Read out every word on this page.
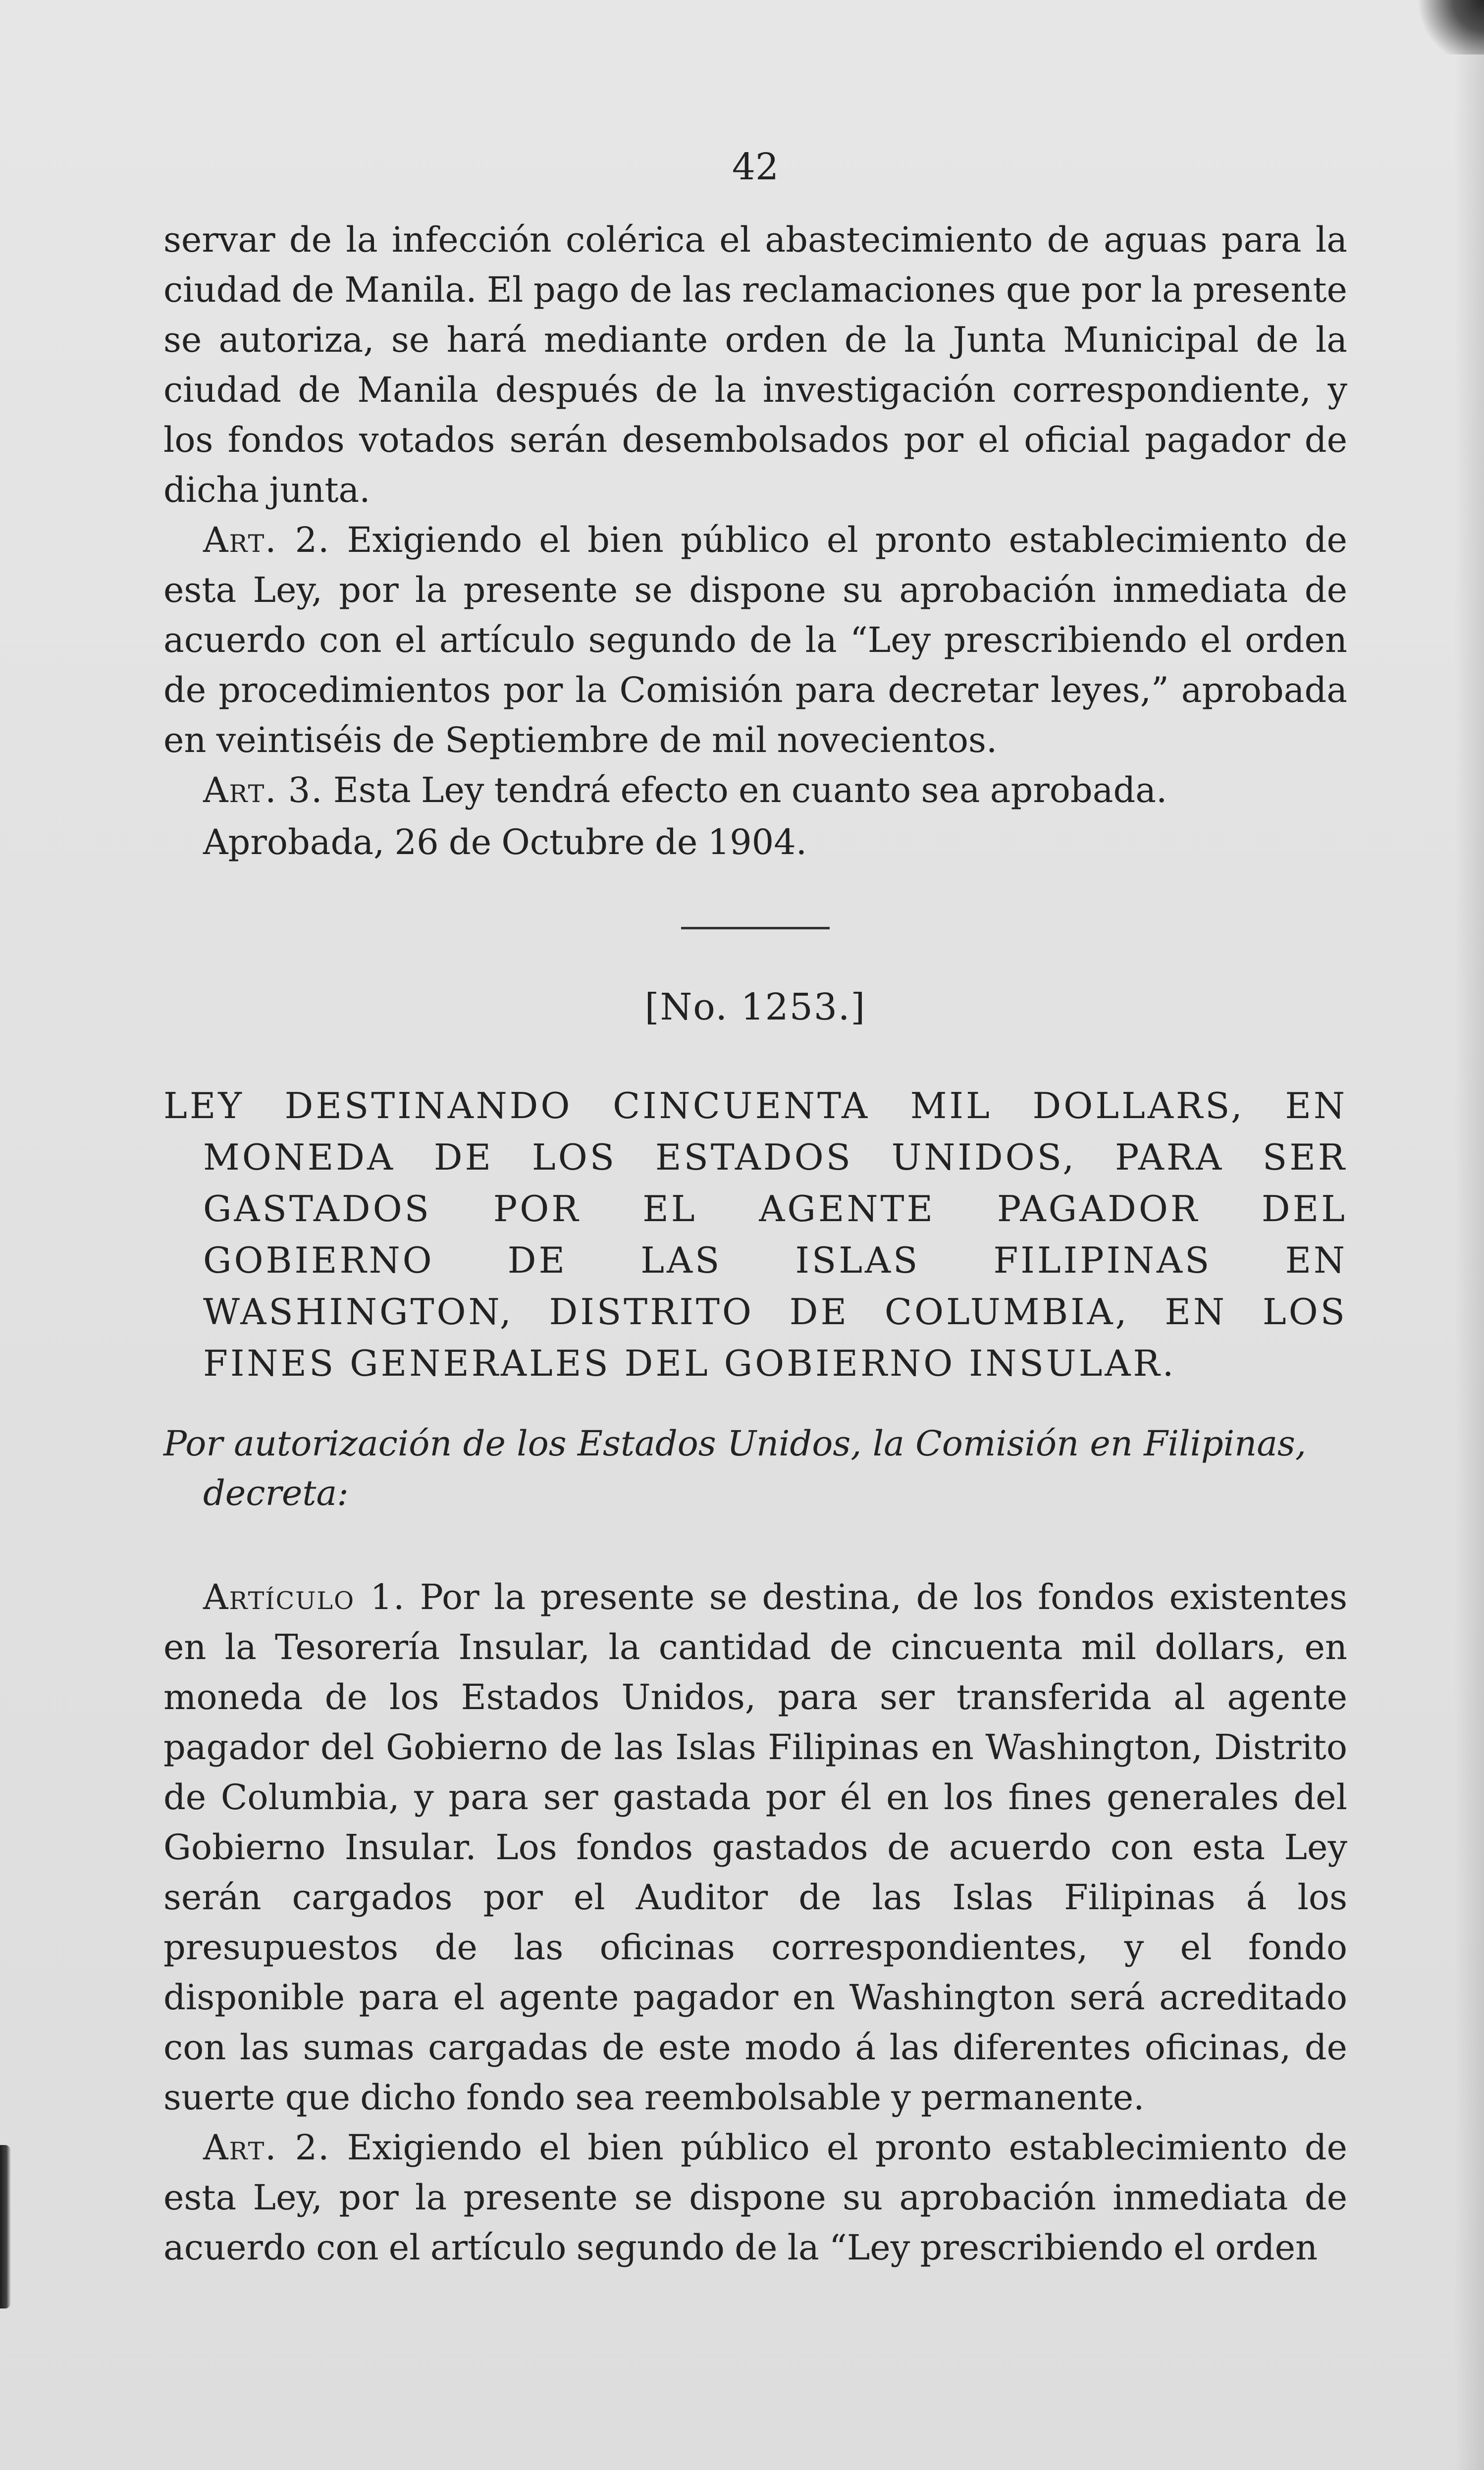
42

servar de la infección colérica el abastecimiento de aguas para la ciudad de Manila. El pago de las reclamaciones que por la presente se autoriza, se hará mediante orden de la Junta Municipal de la ciudad de Manila después de la investigación correspondiente, y los fondos votados serán desembolsados por el oficial pagador de dicha junta.

Art. 2. Exigiendo el bien público el pronto establecimiento de esta Ley, por la presente se dispone su aprobación inmediata de acuerdo con el artículo segundo de la “Ley prescribiendo el orden de procedimientos por la Comisión para decretar leyes,” aprobada en veintiséis de Septiembre de mil novecientos.

Art. 3. Esta Ley tendrá efecto en cuanto sea aprobada.

Aprobada, 26 de Octubre de 1904.

[No. 1253.]
LEY DESTINANDO CINCUENTA MIL DOLLARS, EN MONEDA DE LOS ESTADOS UNIDOS, PARA SER GASTADOS POR EL AGENTE PAGADOR DEL GOBIERNO DE LAS ISLAS FILIPINAS EN WASHINGTON, DISTRITO DE COLUMBIA, EN LOS FINES GENERALES DEL GOBIERNO INSULAR.
Por autorización de los Estados Unidos, la Comisión en Filipinas, decreta:

Artículo 1. Por la presente se destina, de los fondos existentes en la Tesorería Insular, la cantidad de cincuenta mil dollars, en moneda de los Estados Unidos, para ser transferida al agente pagador del Gobierno de las Islas Filipinas en Washington, Distrito de Columbia, y para ser gastada por él en los fines generales del Gobierno Insular. Los fondos gastados de acuerdo con esta Ley serán cargados por el Auditor de las Islas Filipinas á los presupuestos de las oficinas correspondientes, y el fondo disponible para el agente pagador en Washington será acreditado con las sumas cargadas de este modo á las diferentes oficinas, de suerte que dicho fondo sea reembolsable y permanente.

Art. 2. Exigiendo el bien público el pronto establecimiento de esta Ley, por la presente se dispone su aprobación inmediata de acuerdo con el artículo segundo de la “Ley prescribiendo el orden
